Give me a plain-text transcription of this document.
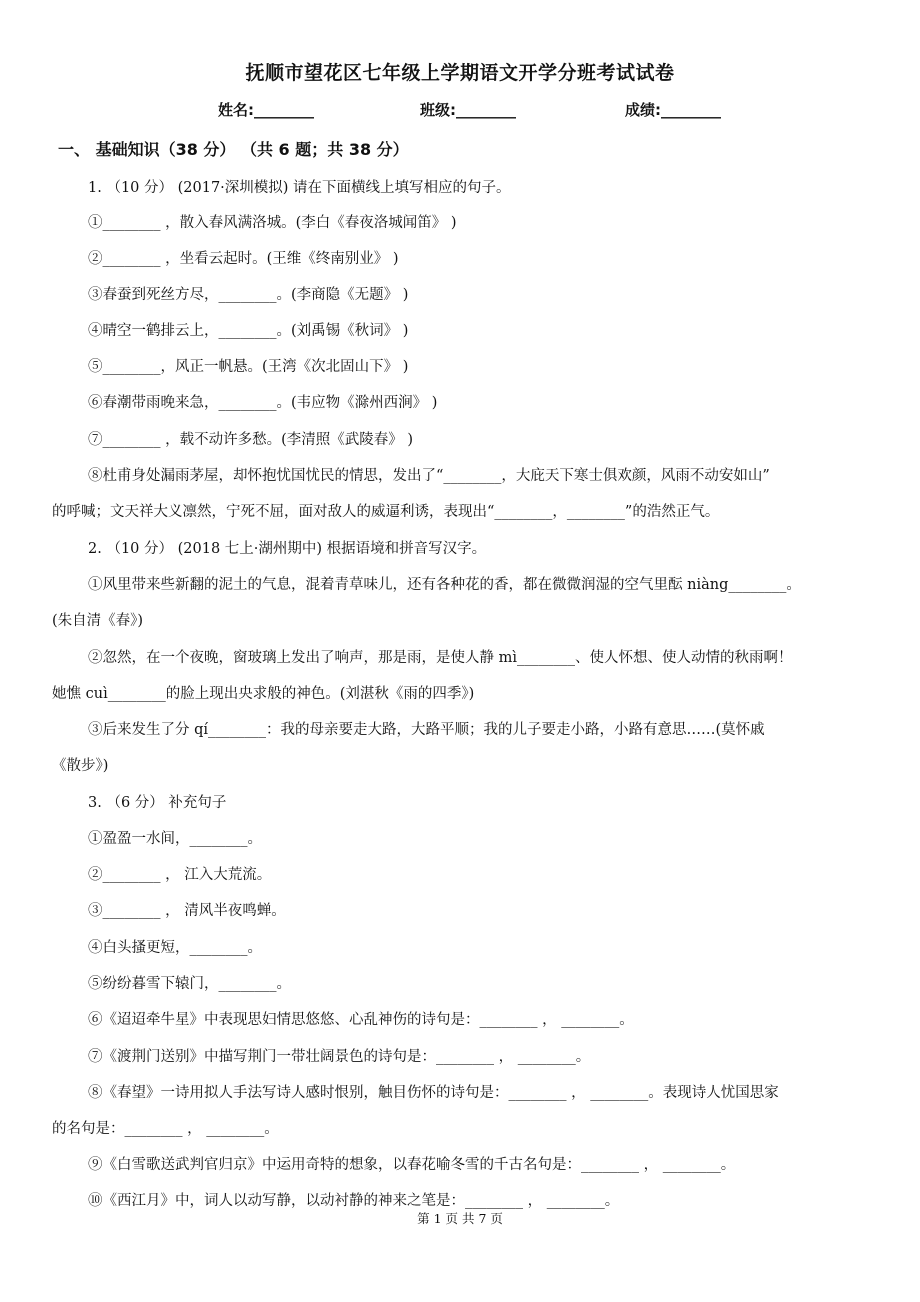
抚顺市望花区七年级上学期语文开学分班考试试卷
姓名:________	班级:________	成绩:________
一、 基础知识（38 分） （共 6 题；共 38 分）
1. （10 分） (2017·深圳模拟) 请在下面横线上填写相应的句子。
①________ ，散入春风满洛城。(李白《春夜洛城闻笛》 )
②________ ，坐看云起时。(王维《终南别业》 )
③春蚕到死丝方尽，________。(李商隐《无题》 )
④晴空一鹤排云上，________。(刘禹锡《秋词》 )
⑤________，风正一帆悬。(王湾《次北固山下》 )
⑥春潮带雨晚来急，________。(韦应物《滁州西涧》 )
⑦________ ，载不动许多愁。(李清照《武陵春》 )
⑧杜甫身处漏雨茅屋，却怀抱忧国忧民的情思，发出了“________，大庇天下寒士俱欢颜，风雨不动安如山”
的呼喊；文天祥大义凛然，宁死不屈，面对敌人的威逼利诱，表现出“________，________”的浩然正气。
2. （10 分） (2018 七上·湖州期中) 根据语境和拼音写汉字。
①风里带来些新翻的泥土的气息，混着青草味儿，还有各种花的香，都在微微润湿的空气里酝 niàng________。
(朱自清《春》)
②忽然，在一个夜晚，窗玻璃上发出了响声，那是雨，是使人静 mì________、使人怀想、使人动情的秋雨啊！
她憔 cuì________的脸上现出央求般的神色。(刘湛秋《雨的四季》)
③后来发生了分 qí________：我的母亲要走大路，大路平顺；我的儿子要走小路，小路有意思……(莫怀戚
《散步》)
3. （6 分） 补充句子
①盈盈一水间，________。
②________ ， 江入大荒流。
③________ ， 清风半夜鸣蝉。
④白头搔更短，________。
⑤纷纷暮雪下辕门，________。
⑥《迢迢牵牛星》中表现思妇情思悠悠、心乱神伤的诗句是：________ ， ________。
⑦《渡荆门送别》中描写荆门一带壮阔景色的诗句是：________ ， ________。
⑧《春望》一诗用拟人手法写诗人感时恨别，触目伤怀的诗句是：________ ， ________。表现诗人忧国思家
的名句是：________ ， ________。
⑨《白雪歌送武判官归京》中运用奇特的想象，以春花喻冬雪的千古名句是：________ ， ________。
⑩《西江月》中，词人以动写静，以动衬静的神来之笔是：________ ， ________。
第 1 页 共 7 页
